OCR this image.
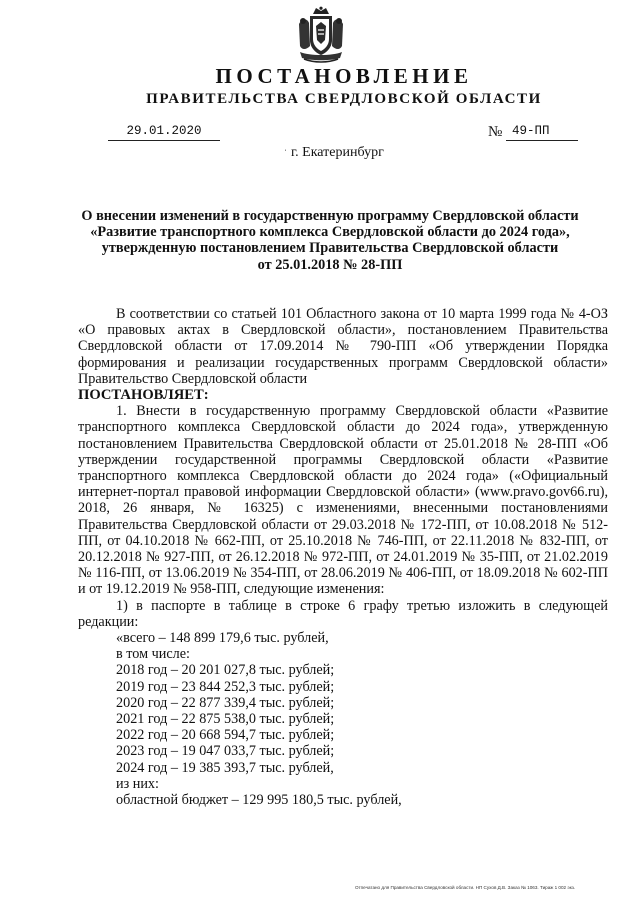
ПОСТАНОВЛЕНИЕ
ПРАВИТЕЛЬСТВА СВЕРДЛОВСКОЙ ОБЛАСТИ
29.01.2020	№ 49-ПП
$^ˈ$ г. Екатеринбург
О внесении изменений в государственную программу Свердловской области
«Развитие транспортного комплекса Свердловской области до 2024 года»,
утвержденную постановлением Правительства Свердловской области
от 25.01.2018 № 28-ПП

В соответствии со статьей 101 Областного закона от 10 марта 1999 года № 4-ОЗ «О правовых актах в Свердловской области», постановлением Правительства Свердловской области от 17.09.2014 № 790-ПП «Об утверждении Порядка формирования и реализации государственных программ Свердловской области» Правительство Свердловской области

ПОСТАНОВЛЯЕТ:

1. Внести в государственную программу Свердловской области «Развитие транспортного комплекса Свердловской области до 2024 года», утвержденную постановлением Правительства Свердловской области от 25.01.2018 № 28-ПП «Об утверждении государственной программы Свердловской области «Развитие транспортного комплекса Свердловской области до 2024 года» («Официальный интернет-портал правовой информации Свердловской области» (www.pravo.gov66.ru), 2018, 26 января, № 16325) с изменениями, внесенными постановлениями Правительства Свердловской области от 29.03.2018 № 172-ПП, от 10.08.2018 № 512-ПП, от 04.10.2018 № 662-ПП, от 25.10.2018 № 746-ПП, от 22.11.2018 № 832-ПП, от 20.12.2018 № 927-ПП, от 26.12.2018 № 972-ПП, от 24.01.2019 № 35-ПП, от 21.02.2019 № 116-ПП, от 13.06.2019 № 354-ПП, от 28.06.2019 № 406-ПП, от 18.09.2018 № 602-ПП и от 19.12.2019 № 958-ПП, следующие изменения:

1) в паспорте в таблице в строке 6 графу третью изложить в следующей редакции:

«всего – 148 899 179,6 тыс. рублей,

в том числе:

2018 год – 20 201 027,8 тыс. рублей;

2019 год – 23 844 252,3 тыс. рублей;

2020 год – 22 877 339,4 тыс. рублей;

2021 год – 22 875 538,0 тыс. рублей;

2022 год – 20 668 594,7 тыс. рублей;

2023 год – 19 047 033,7 тыс. рублей;

2024 год – 19 385 393,7 тыс. рублей,

из них:

областной бюджет – 129 995 180,5 тыс. рублей,

Отпечатано для Правительства Свердловской области. НП Сухов Д.В. Заказ № 1063. Тираж 1 002 экз.
